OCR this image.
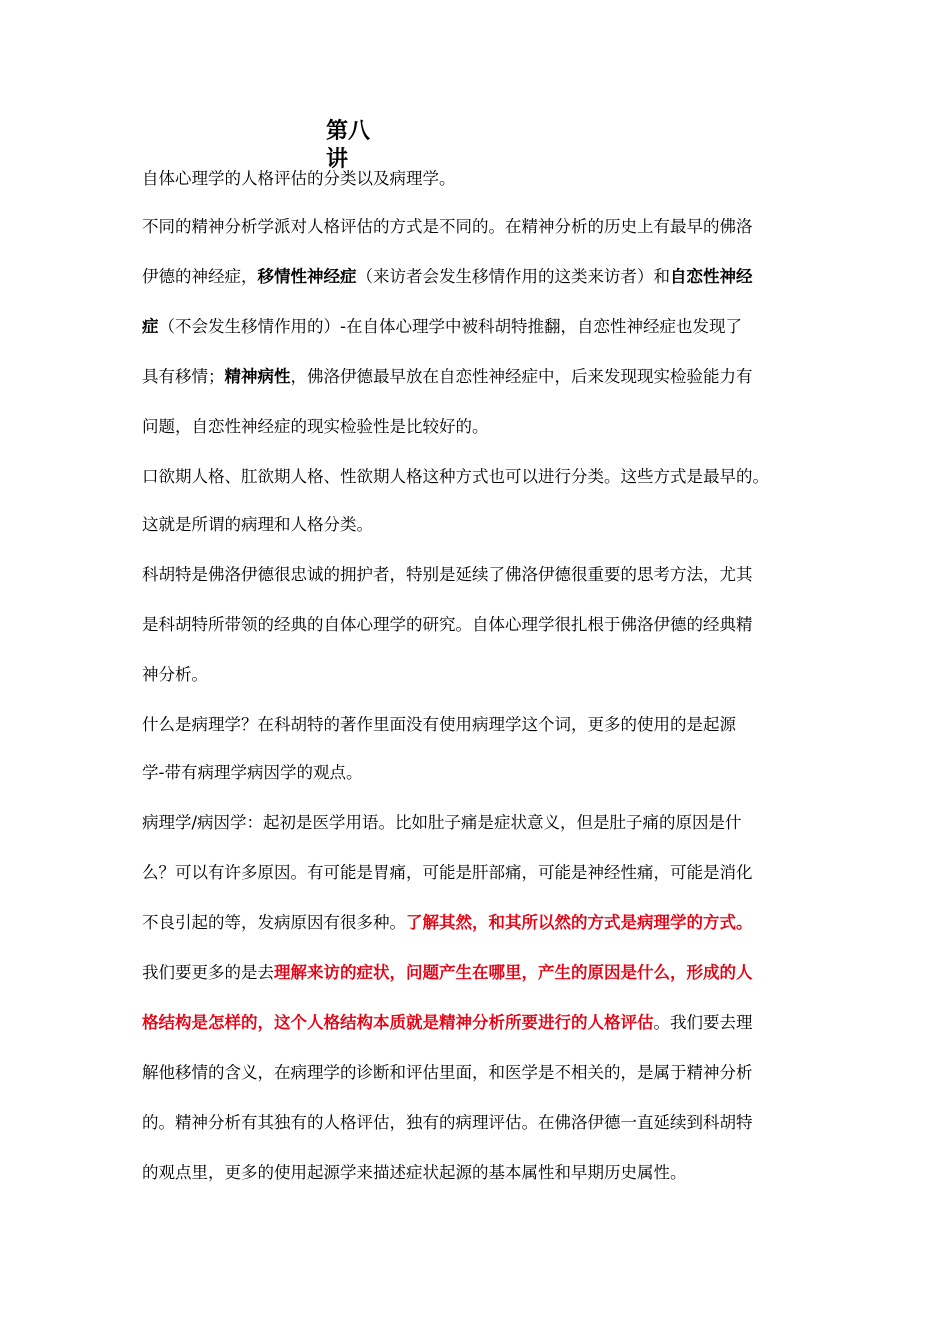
第八讲
自体心理学的人格评估的分类以及病理学。
不同的精神分析学派对人格评估的方式是不同的。在精神分析的历史上有最早的佛洛
伊德的神经症，移情性神经症（来访者会发生移情作用的这类来访者）和自恋性神经
症（不会发生移情作用的）-在自体心理学中被科胡特推翻，自恋性神经症也发现了
具有移情；精神病性，佛洛伊德最早放在自恋性神经症中，后来发现现实检验能力有
问题，自恋性神经症的现实检验性是比较好的。
口欲期人格、肛欲期人格、性欲期人格这种方式也可以进行分类。这些方式是最早的。
这就是所谓的病理和人格分类。
科胡特是佛洛伊德很忠诚的拥护者，特别是延续了佛洛伊德很重要的思考方法，尤其
是科胡特所带领的经典的自体心理学的研究。自体心理学很扎根于佛洛伊德的经典精
神分析。
什么是病理学？在科胡特的著作里面没有使用病理学这个词，更多的使用的是起源
学-带有病理学病因学的观点。
病理学/病因学：起初是医学用语。比如肚子痛是症状意义，但是肚子痛的原因是什
么？可以有许多原因。有可能是胃痛，可能是肝部痛，可能是神经性痛，可能是消化
不良引起的等，发病原因有很多种。了解其然，和其所以然的方式是病理学的方式。
我们要更多的是去理解来访的症状，问题产生在哪里，产生的原因是什么，形成的人
格结构是怎样的，这个人格结构本质就是精神分析所要进行的人格评估。我们要去理
解他移情的含义，在病理学的诊断和评估里面，和医学是不相关的，是属于精神分析
的。精神分析有其独有的人格评估，独有的病理评估。在佛洛伊德一直延续到科胡特
的观点里，更多的使用起源学来描述症状起源的基本属性和早期历史属性。
